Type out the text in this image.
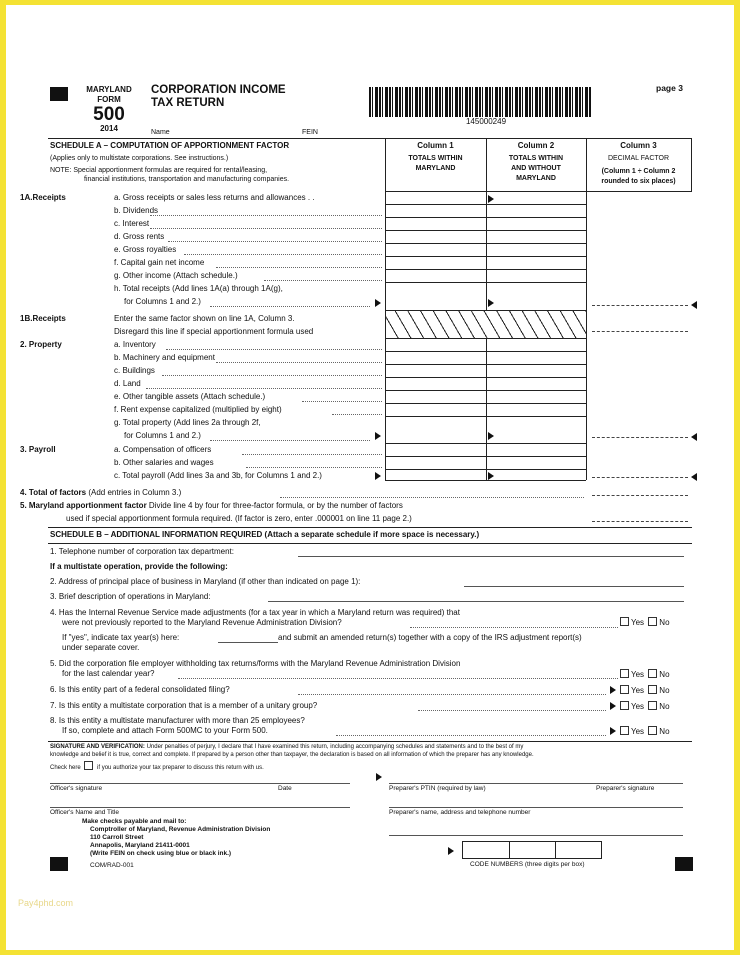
MARYLAND
FORM
500
2014
CORPORATION INCOME
TAX RETURN
145000249
page 3
Name	FEIN
SCHEDULE A – COMPUTATION OF APPORTIONMENT FACTOR
(Applies only to multistate corporations. See instructions.)
NOTE: Special apportionment formulas are required for rental/leasing,
financial institutions, transportation and manufacturing companies.
Column 1
TOTALS WITHIN
MARYLAND
Column 2
TOTALS WITHIN
AND WITHOUT
MARYLAND
Column 3
DECIMAL FACTOR
(Column 1 ÷ Column 2
rounded to six places)
1A.Receipts	a. Gross receipts or sales less returns and allowances . .
b. Dividends
c. Interest
d. Gross rents
e. Gross royalties
f. Capital gain net income
g. Other income (Attach schedule.)
h. Total receipts (Add lines 1A(a) through 1A(g),
for Columns 1 and 2.)
1B.Receipts	Enter the same factor shown on line 1A, Column 3.
Disregard this line if special apportionment formula used
2. Property	a. Inventory
b. Machinery and equipment
c. Buildings
d. Land
e. Other tangible assets (Attach schedule.)
f. Rent expense capitalized (multiplied by eight)
g. Total property (Add lines 2a through 2f,
for Columns 1 and 2.)
3. Payroll	a. Compensation of officers
b. Other salaries and wages
c. Total payroll (Add lines 3a and 3b, for Columns 1 and 2.)
4. Total of factors (Add entries in Column 3.)
5. Maryland apportionment factor Divide line 4 by four for three-factor formula, or by the number of factors
used if special apportionment formula required. (If factor is zero, enter .000001 on line 11 page 2.)
SCHEDULE B – ADDITIONAL INFORMATION REQUIRED (Attach a separate schedule if more space is necessary.)
1. Telephone number of corporation tax department:
If a multistate operation, provide the following:
2. Address of principal place of business in Maryland (if other than indicated on page 1):
3. Brief description of operations in Maryland:
4. Has the Internal Revenue Service made adjustments (for a tax year in which a Maryland return was required) that
were not previously reported to the Maryland Revenue Administration Division?	Yes No
If "yes", indicate tax year(s) here:	and submit an amended return(s) together with a copy of the IRS adjustment report(s)
under separate cover.
5. Did the corporation file employer withholding tax returns/forms with the Maryland Revenue Administration Division
for the last calendar year?	Yes No
6. Is this entity part of a federal consolidated filing?	Yes No
7. Is this entity a multistate corporation that is a member of a unitary group?	Yes No
8. Is this entity a multistate manufacturer with more than 25 employees?
If so, complete and attach Form 500MC to your Form 500.	Yes No
SIGNATURE AND VERIFICATION: Under penalties of perjury, I declare that I have examined this return, including accompanying schedules and statements and to the best of my
knowledge and belief it is true, correct and complete. If prepared by a person other than taxpayer, the declaration is based on all information of which the preparer has any knowledge.
Check here	if you authorize your tax preparer to discuss this return with us.
Officer's signature	Date	Preparer's PTIN (required by law)	Preparer's signature
Officer's Name and Title	Preparer's name, address and telephone number
Make checks payable and mail to:
Comptroller of Maryland, Revenue Administration Division
110 Carroll Street
Annapolis, Maryland 21411-0001
(Write FEIN on check using blue or black ink.)
COM/RAD-001	CODE NUMBERS (three digits per box)
Pay4phd.com
